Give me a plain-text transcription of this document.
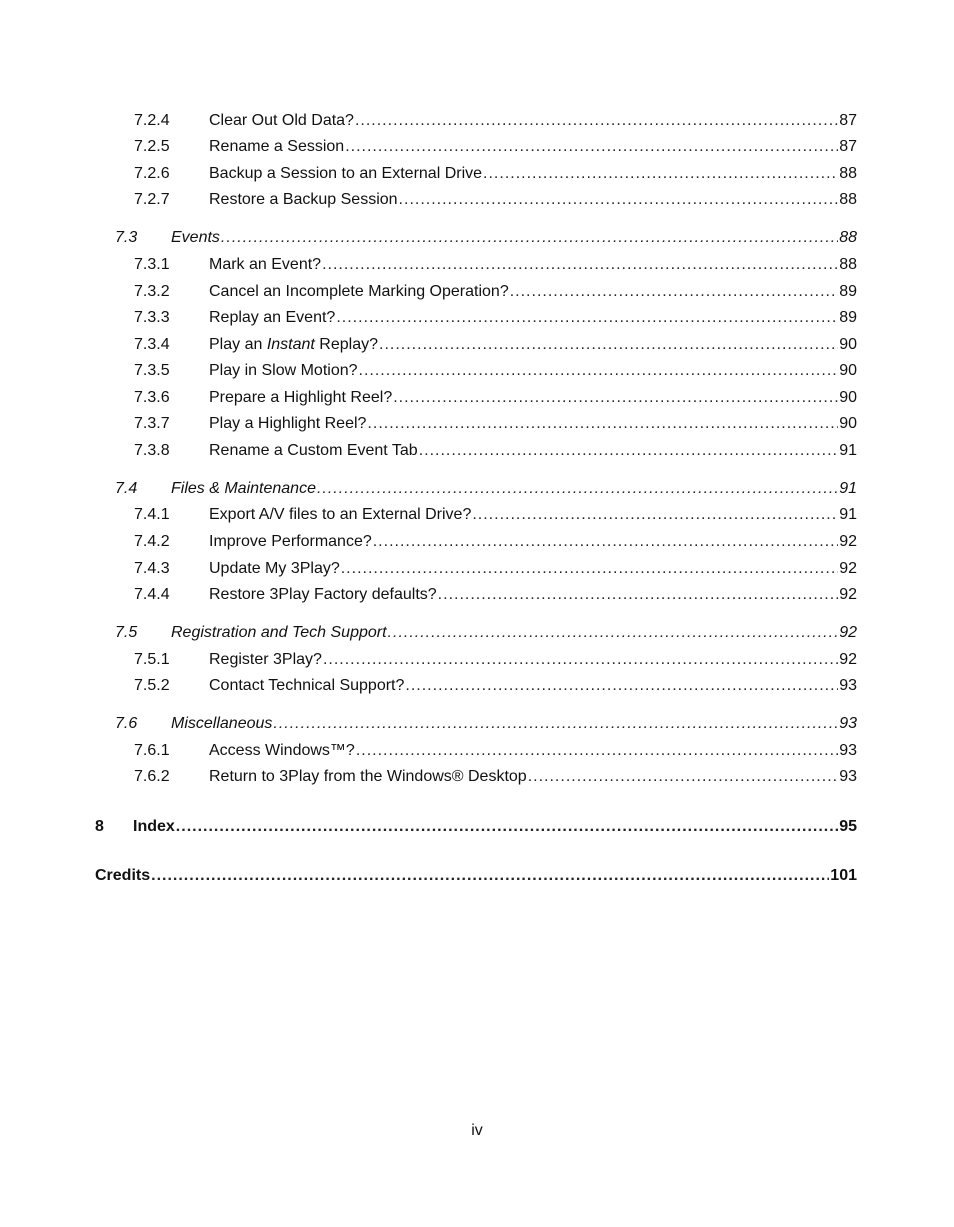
7.2.4 Clear Out Old Data? .....	87
7.2.5 Rename a Session .....	87
7.2.6 Backup a Session to an External Drive .....	88
7.2.7 Restore a Backup Session .....	88
7.3 Events .....	88
7.3.1 Mark an Event? .....	88
7.3.2 Cancel an Incomplete Marking Operation? .....	89
7.3.3 Replay an Event? .....	89
7.3.4 Play an Instant Replay? .....	90
7.3.5 Play in Slow Motion? .....	90
7.3.6 Prepare a Highlight Reel? .....	90
7.3.7 Play a Highlight Reel? .....	90
7.3.8 Rename a Custom Event Tab .....	91
7.4 Files & Maintenance .....	91
7.4.1 Export A/V files to an External Drive? .....	91
7.4.2 Improve Performance? .....	92
7.4.3 Update My 3Play? .....	92
7.4.4 Restore 3Play Factory defaults? .....	92
7.5 Registration and Tech Support .....	92
7.5.1 Register 3Play? .....	92
7.5.2 Contact Technical Support? .....	93
7.6 Miscellaneous .....	93
7.6.1 Access Windows™? .....	93
7.6.2 Return to 3Play from the Windows® Desktop .....	93
8 Index .....	95
Credits .....	101
iv
